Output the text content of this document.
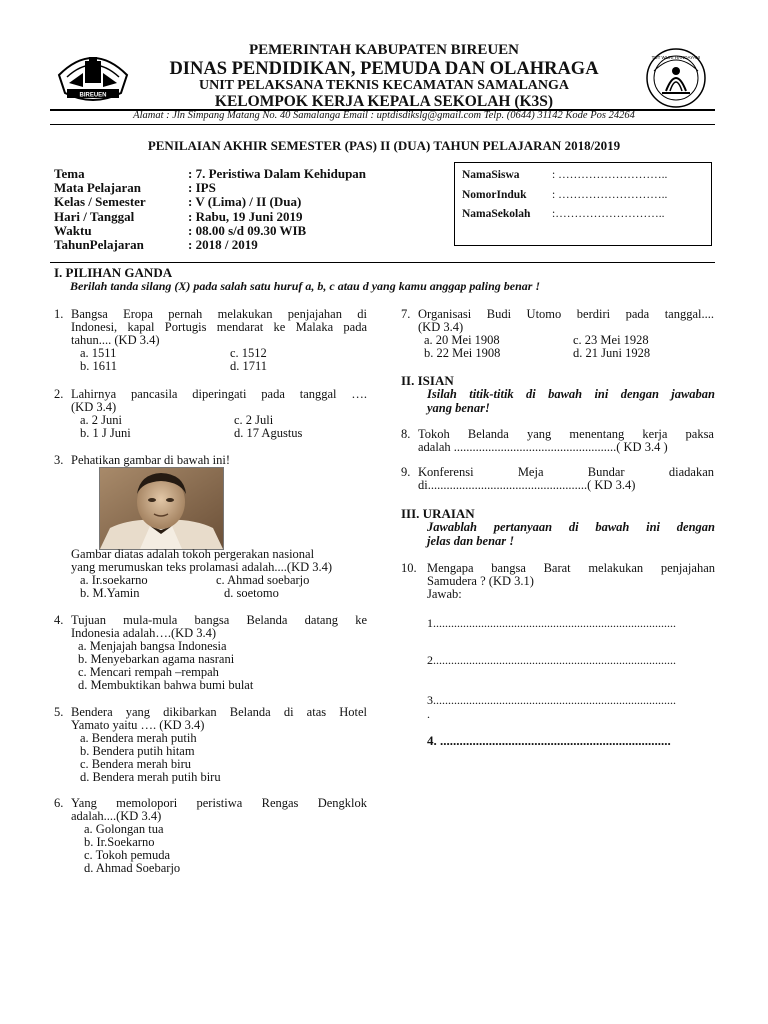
BIREUEN
TUT WURI HANDAYANI
PEMERINTAH KABUPATEN BIREUEN
DINAS PENDIDIKAN, PEMUDA DAN OLAHRAGA
UNIT PELAKSANA TEKNIS KECAMATAN SAMALANGA
KELOMPOK KERJA KEPALA SEKOLAH (K3S)
Alamat : Jln Simpang Matang No. 40 Samalanga Email : uptdisdikslg@gmail.com Telp. (0644) 31142 Kode Pos 24264
PENILAIAN AKHIR SEMESTER (PAS) II (DUA) TAHUN PELAJARAN 2018/2019
Tema
Mata Pelajaran
Kelas / Semester
Hari / Tanggal
Waktu
TahunPelajaran
: 7. Peristiwa Dalam Kehidupan
: IPS
: V (Lima) / II (Dua)
: Rabu, 19 Juni 2019
: 08.00 s/d 09.30 WIB
: 2018 / 2019
NamaSiswa	: ………………………..
NomorInduk : ………………………..
NamaSekolah :………………………..
I. PILIHAN GANDA
Berilah tanda silang (X) pada salah satu huruf a, b, c atau d yang kamu anggap paling benar !
1. Bangsa Eropa pernah melakukan penjajahan di
Indonesi, kapal Portugis mendarat ke Malaka pada
tahun.... (KD 3.4)
a. 1511
b. 1611
c. 1512
d. 1711
2. Lahirnya pancasila diperingati pada tanggal ….
(KD 3.4)
a. 2 Juni
b. 1 J Juni
c. 2 Juli
d. 17 Agustus
3. Pehatikan gambar di bawah ini!
Gambar diatas adalah tokoh pergerakan nasional
yang merumuskan teks prolamasi adalah....(KD 3.4)
a. Ir.soekarno
b. M.Yamin
c. Ahmad soebarjo
d. soetomo
4. Tujuan mula-mula bangsa Belanda datang ke
Indonesia adalah….(KD 3.4)
a. Menjajah bangsa Indonesia
b. Menyebarkan agama nasrani
c. Mencari rempah –rempah
d. Membuktikan bahwa bumi bulat
5. Bendera yang dikibarkan Belanda di atas Hotel
Yamato yaitu …. (KD 3.4)
a. Bendera merah putih
b. Bendera putih hitam
c. Bendera merah biru
d. Bendera merah putih biru
6. Yang memolopori peristiwa Rengas Dengklok
adalah....(KD 3.4)
a. Golongan tua
b. Ir.Soekarno
c. Tokoh pemuda
d. Ahmad Soebarjo
7. Organisasi Budi Utomo berdiri pada tanggal....
(KD 3.4)
a. 20 Mei 1908
b. 22 Mei 1908
c. 23 Mei 1928
d. 21 Juni 1928
II. ISIAN
Isilah titik-titik di bawah ini dengan jawaban
yang benar!
8. Tokoh Belanda yang menentang kerja paksa
adalah ....................................................( KD 3.4 )
9. Konferensi Meja Bundar diadakan
di...................................................( KD 3.4)
III. URAIAN
Jawablah pertanyaan di bawah ini dengan
jelas dan benar !
10. Mengapa bangsa Barat melakukan penjajahan
Samudera ? (KD 3.1)
Jawab:
1.................................................................................
2.................................................................................
3.................................................................................
.
4. .......................................................................
